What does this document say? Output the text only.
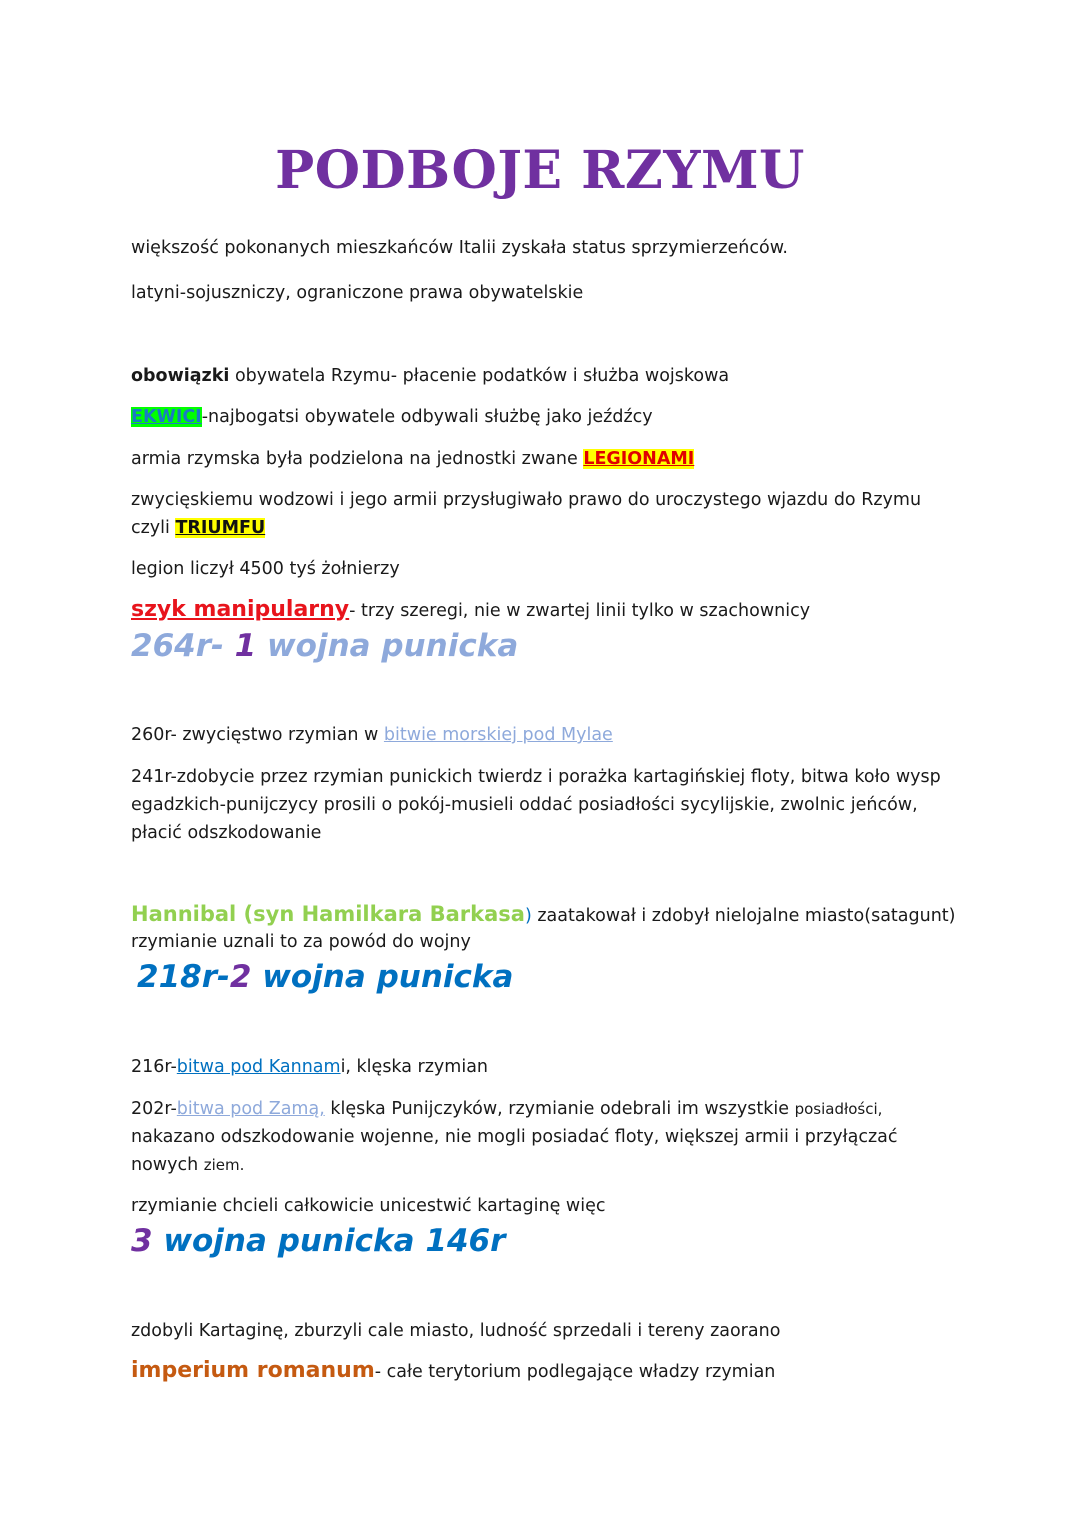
PODBOJE RZYMU
większość pokonanych mieszkańców Italii zyskała status sprzymierzeńców.
latyni-sojuszniczy, ograniczone prawa obywatelskie
obowiązki obywatela Rzymu- płacenie podatków i służba wojskowa
EKWICI-najbogatsi obywatele odbywali służbę jako jeźdźcy
armia rzymska była podzielona na jednostki zwane LEGIONAMI
zwycięskiemu wodzowi i jego armii przysługiwało prawo do uroczystego wjazdu do Rzymu
czyli TRIUMFU
legion liczył 4500 tyś żołnierzy
szyk manipularny- trzy szeregi, nie w zwartej linii tylko w szachownicy
264r- 1 wojna punicka
260r- zwycięstwo rzymian w bitwie morskiej pod Mylae
241r-zdobycie przez rzymian punickich twierdz i porażka kartagińskiej floty, bitwa koło wysp
egadzkich-punijczycy prosili o pokój-musieli oddać posiadłości sycylijskie, zwolnic jeńców,
płacić odszkodowanie
Hannibal (syn Hamilkara Barkasa) zaatakował i zdobył nielojalne miasto(satagunt)
rzymianie uznali to za powód do wojny
218r-2 wojna punicka
216r-bitwa pod Kannami, klęska rzymian
202r-bitwa pod Zamą, klęska Punijczyków, rzymianie odebrali im wszystkie posiadłości,
nakazano odszkodowanie wojenne, nie mogli posiadać floty, większej armii i przyłączać
nowych ziem.
rzymianie chcieli całkowicie unicestwić kartaginę więc
3 wojna punicka 146r
zdobyli Kartaginę, zburzyli cale miasto, ludność sprzedali i tereny zaorano
imperium romanum- całe terytorium podlegające władzy rzymian
